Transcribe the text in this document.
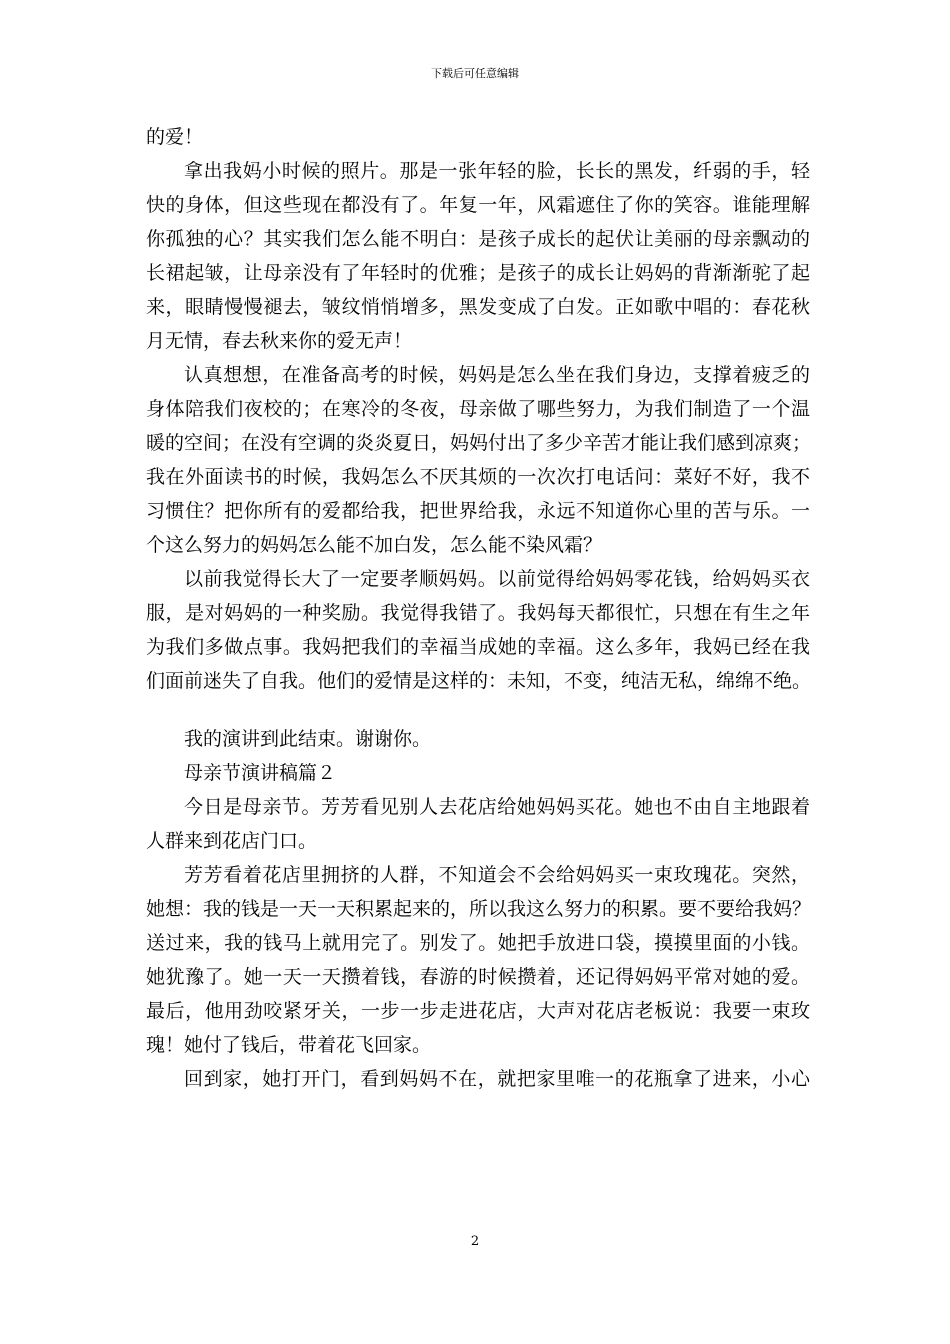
下载后可任意编辑
的爱！
拿出我妈小时候的照片。那是一张年轻的脸，长长的黑发，纤弱的手，轻
快的身体，但这些现在都没有了。年复一年，风霜遮住了你的笑容。谁能理解
你孤独的心？其实我们怎么能不明白：是孩子成长的起伏让美丽的母亲飘动的
长裙起皱，让母亲没有了年轻时的优雅；是孩子的成长让妈妈的背渐渐驼了起
来，眼睛慢慢褪去，皱纹悄悄增多，黑发变成了白发。正如歌中唱的：春花秋
月无情，春去秋来你的爱无声！
认真想想，在准备高考的时候，妈妈是怎么坐在我们身边，支撑着疲乏的
身体陪我们夜校的；在寒冷的冬夜，母亲做了哪些努力，为我们制造了一个温
暖的空间；在没有空调的炎炎夏日，妈妈付出了多少辛苦才能让我们感到凉爽；
我在外面读书的时候，我妈怎么不厌其烦的一次次打电话问：菜好不好，我不
习惯住？把你所有的爱都给我，把世界给我，永远不知道你心里的苦与乐。一
个这么努力的妈妈怎么能不加白发，怎么能不染风霜？
以前我觉得长大了一定要孝顺妈妈。以前觉得给妈妈零花钱，给妈妈买衣
服，是对妈妈的一种奖励。我觉得我错了。我妈每天都很忙，只想在有生之年
为我们多做点事。我妈把我们的幸福当成她的幸福。这么多年，我妈已经在我
们面前迷失了自我。他们的爱情是这样的：未知，不变，纯洁无私，绵绵不绝。
我的演讲到此结束。谢谢你。
母亲节演讲稿篇２
今日是母亲节。芳芳看见别人去花店给她妈妈买花。她也不由自主地跟着
人群来到花店门口。
芳芳看着花店里拥挤的人群，不知道会不会给妈妈买一束玫瑰花。突然，
她想：我的钱是一天一天积累起来的，所以我这么努力的积累。要不要给我妈？
送过来，我的钱马上就用完了。别发了。她把手放进口袋，摸摸里面的小钱。
她犹豫了。她一天一天攒着钱，春游的时候攒着，还记得妈妈平常对她的爱。
最后，他用劲咬紧牙关，一步一步走进花店，大声对花店老板说：我要一束玫
瑰！她付了钱后，带着花飞回家。
回到家，她打开门，看到妈妈不在，就把家里唯一的花瓶拿了进来，小心
2
